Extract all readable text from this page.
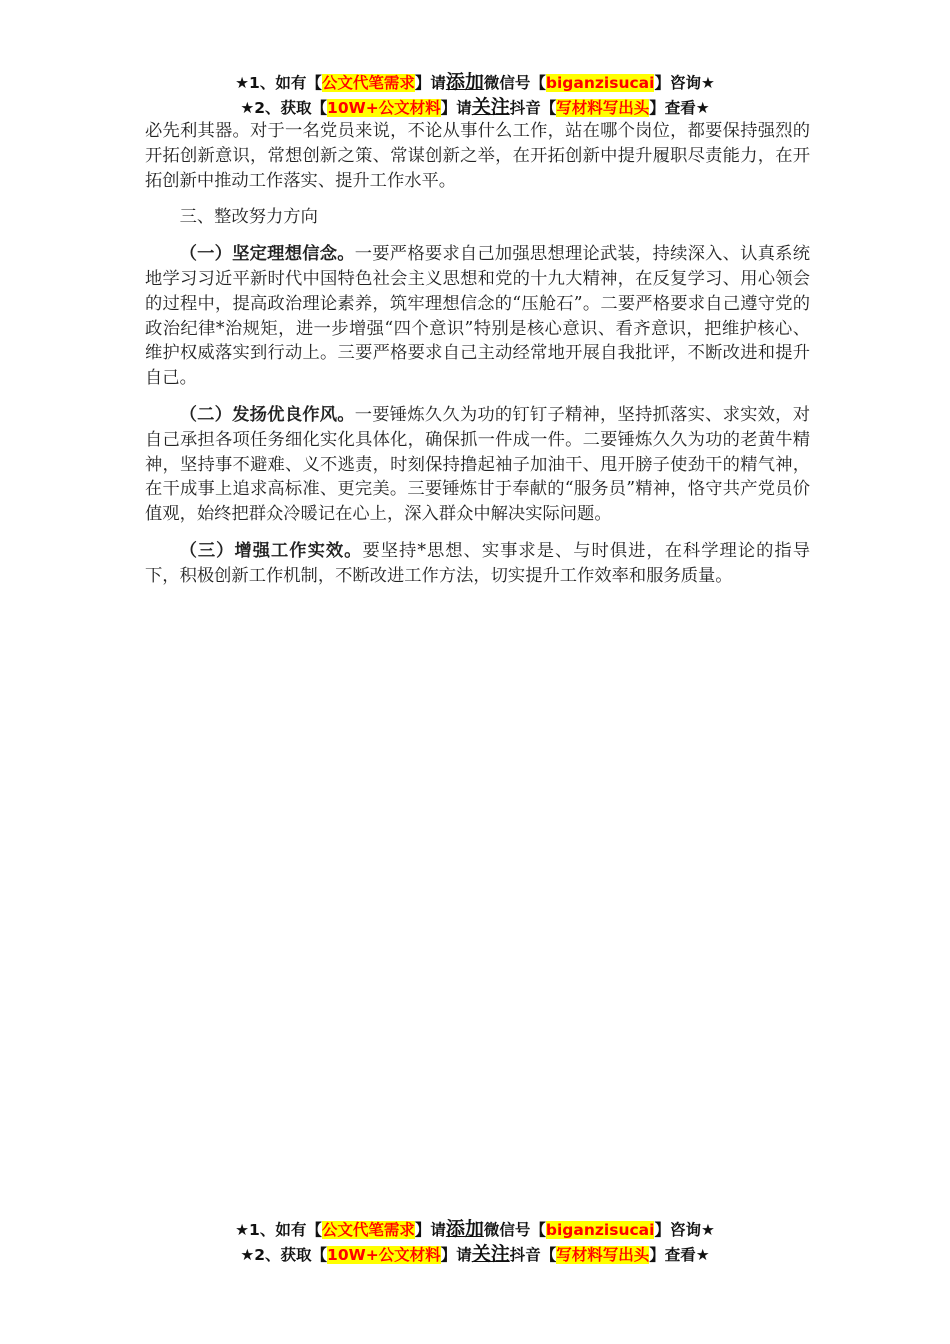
★1、如有【公文代笔需求】请添加微信号【biganzisucai】咨询★
★2、获取【10W+公文材料】请关注抖音【写材料写出头】查看★

必先利其器。对于一名党员来说，不论从事什么工作，站在哪个岗位，都要保持强烈的开拓创新意识，常想创新之策、常谋创新之举，在开拓创新中提升履职尽责能力，在开拓创新中推动工作落实、提升工作水平。

三、整改努力方向

（一）坚定理想信念。一要严格要求自己加强思想理论武装，持续深入、认真系统地学习习近平新时代中国特色社会主义思想和党的十九大精神，在反复学习、用心领会的过程中，提高政治理论素养，筑牢理想信念的“压舱石”。二要严格要求自己遵守党的政治纪律*治规矩，进一步增强“四个意识”特别是核心意识、看齐意识，把维护核心、维护权威落实到行动上。三要严格要求自己主动经常地开展自我批评，不断改进和提升自己。

（二）发扬优良作风。一要锤炼久久为功的钉钉子精神，坚持抓落实、求实效，对自己承担各项任务细化实化具体化，确保抓一件成一件。二要锤炼久久为功的老黄牛精神，坚持事不避难、义不逃责，时刻保持撸起袖子加油干、甩开膀子使劲干的精气神，在干成事上追求高标准、更完美。三要锤炼甘于奉献的“服务员”精神，恪守共产党员价值观，始终把群众冷暖记在心上，深入群众中解决实际问题。

（三）增强工作实效。要坚持*思想、实事求是、与时俱进，在科学理论的指导下，积极创新工作机制，不断改进工作方法，切实提升工作效率和服务质量。

★1、如有【公文代笔需求】请添加微信号【biganzisucai】咨询★
★2、获取【10W+公文材料】请关注抖音【写材料写出头】查看★
